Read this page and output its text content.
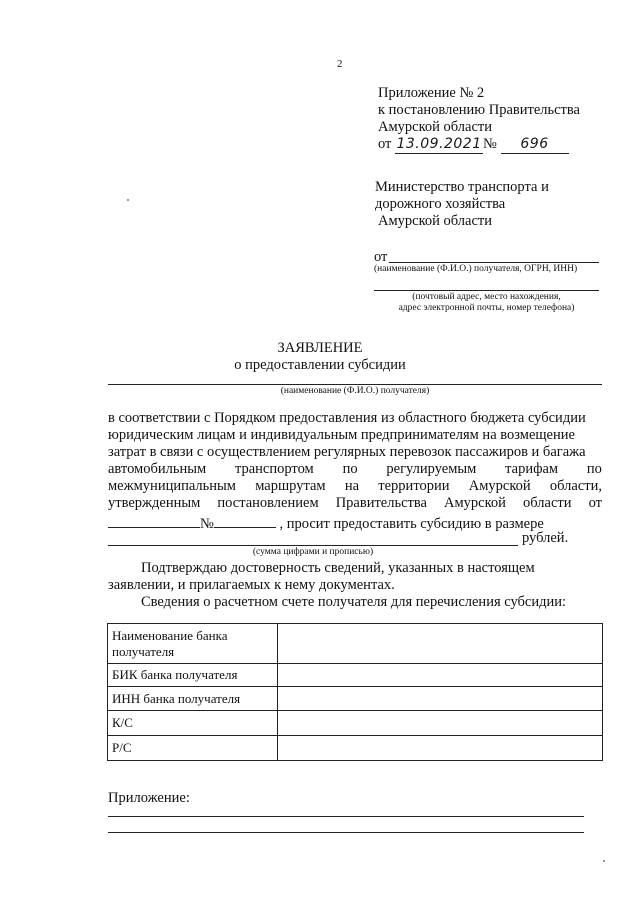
2
Приложение № 2
к постановлению Правительства
Амурской области
от 13.09.2021№ 696
Министерство транспорта и
дорожного хозяйства
Амурской области
от
(наименование (Ф.И.О.) получателя, ОГРН, ИНН)
(почтовый адрес, место нахождения,
адрес электронной почты, номер телефона)
ЗАЯВЛЕНИЕ
о предоставлении субсидии
(наименование (Ф.И.О.) получателя)
в соответствии с Порядком предоставления из областного бюджета субсидии
юридическим лицам и индивидуальным предпринимателям на возмещение
затрат в связи с осуществлением регулярных перевозок пассажиров и багажа
автомобильным транспортом по регулируемым тарифам по
межмуниципальным маршрутам на территории Амурской области,
утвержденным постановлением Правительства Амурской области от
№	, просит предоставить субсидию в размере
рублей.
(сумма цифрами и прописью)
Подтверждаю достоверность сведений, указанных в настоящем
заявлении, и прилагаемых к нему документах.
Сведения о расчетном счете получателя для перечисления субсидии:
Наименование банка
получателя	

БИК банка получателя	
ИНН банка получателя	
К/С	
Р/С	
Приложение:
